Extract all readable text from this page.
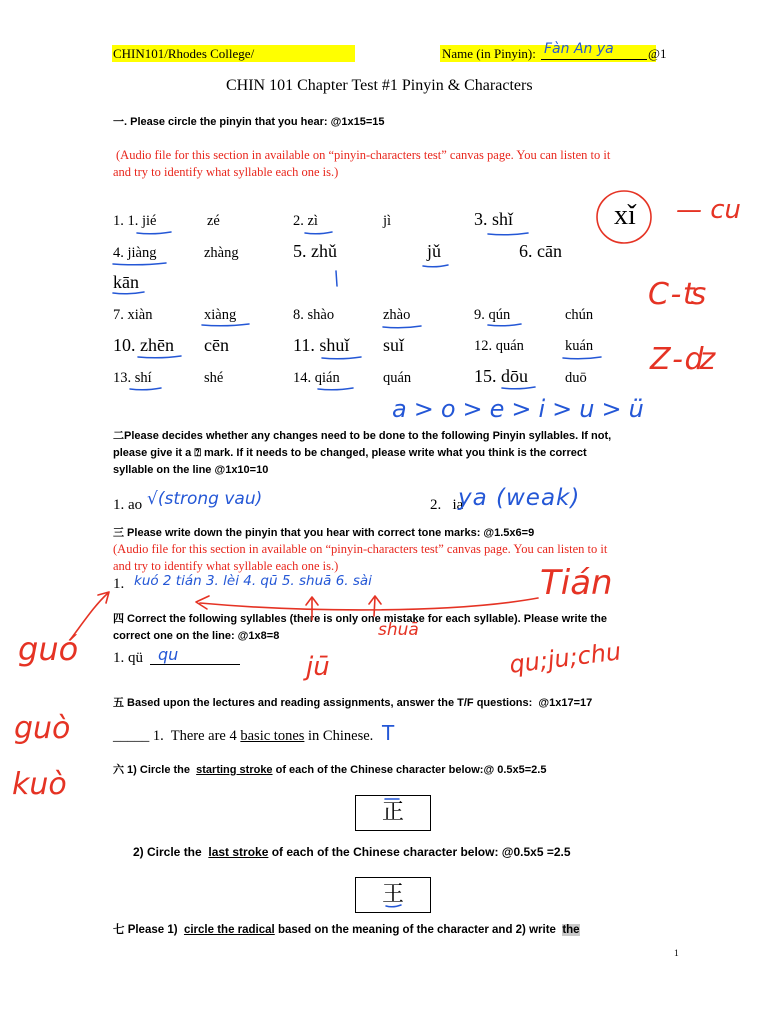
CHIN101/Rhodes College/	Name (in Pinyin): Fàn An ya	@1
CHIN 101 Chapter Test #1 Pinyin & Characters
一. Please circle the pinyin that you hear: @1x15=15
(Audio file for this section in available on “pinyin-characters test” canvas page. You can listen to it
and try to identify what syllable each one is.)
1. 1. jié	zé	2. zì	jì	3. shǐ	xǐ
4. jiàng	zhàng	5. zhǔ	jǔ	6. cān
kān
7. xiàn	xiàng	8. shào	zhào	9. qún	chún
10. zhēn cēn	11. shuǐ suǐ	12. quán	kuán
13. shí	shé	14. qián	quán	15. dōu	duō
a>o>e>i>u>ü
— cu
C - ts
Z - dz
二Please decides whether any changes need to be done to the following Pinyin syllables. If not,
please give it a ⍰ mark. If it needs to be changed, please write what you think is the correct
syllable on the line @1x10=10
1. ao √(strong vau)	2.   ia
ya (weak)
三 Please write down the pinyin that you hear with correct tone marks: @1.5x6=9
(Audio file for this section in available on “pinyin-characters test” canvas page. You can listen to it
and try to identify what syllable each one is.)
1. kuó 2 tián 3. lèi 4. qū 5. shuā 6. sài	Tián
guó	shuā
jū	qu;ju;chu
四 Correct the following syllables (there is only one mistake for each syllable). Please write the
correct one on the line: @1x8=8
1. qü qu
五 Based upon the lectures and reading assignments, answer the T/F questions:  @1x17=17
_____ 1.  There are 4 basic tones in Chinese. T
guò
kuò	六 1) Circle the  starting stroke of each of the Chinese character below:@ 0.5x5=2.5
正
2) Circle the  last stroke of each of the Chinese character below: @0.5x5 =2.5
王
七 Please 1)  circle the radical based on the meaning of the character and 2) write  the
1
